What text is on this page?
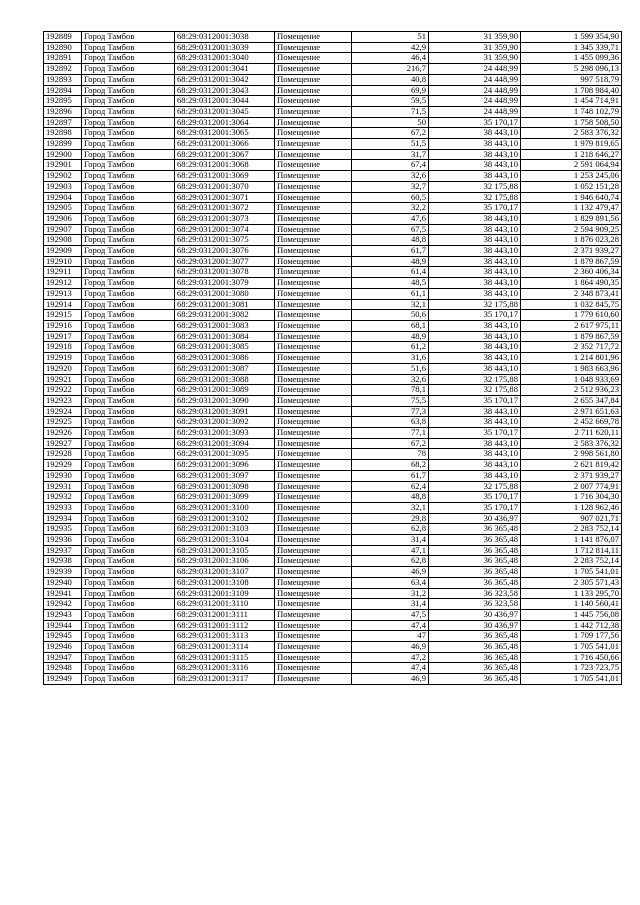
192889	Город Тамбов	68:29:0312001:3038	Помещение	51	31 359,90	1 599 354,90
192890	Город Тамбов	68:29:0312001:3039	Помещение	42,9	31 359,90	1 345 339,71
192891	Город Тамбов	68:29:0312001:3040	Помещение	46,4	31 359,90	1 455 099,36
192892	Город Тамбов	68:29:0312001:3041	Помещение	216,7	24 448,99	5 298 096,13
192893	Город Тамбов	68:29:0312001:3042	Помещение	40,8	24 448,99	997 518,79
192894	Город Тамбов	68:29:0312001:3043	Помещение	69,9	24 448,99	1 708 984,40
192895	Город Тамбов	68:29:0312001:3044	Помещение	59,5	24 448,99	1 454 714,91
192896	Город Тамбов	68:29:0312001:3045	Помещение	71,5	24 448,99	1 748 102,79
192897	Город Тамбов	68:29:0312001:3064	Помещение	50	35 170,17	1 758 508,50
192898	Город Тамбов	68:29:0312001:3065	Помещение	67,2	38 443,10	2 583 376,32
192899	Город Тамбов	68:29:0312001:3066	Помещение	51,5	38 443,10	1 979 819,65
192900	Город Тамбов	68:29:0312001:3067	Помещение	31,7	38 443,10	1 218 646,27
192901	Город Тамбов	68:29:0312001:3068	Помещение	67,4	38 443,10	2 591 064,94
192902	Город Тамбов	68:29:0312001:3069	Помещение	32,6	38 443,10	1 253 245,06
192903	Город Тамбов	68:29:0312001:3070	Помещение	32,7	32 175,88	1 052 151,28
192904	Город Тамбов	68:29:0312001:3071	Помещение	60,5	32 175,88	1 946 640,74
192905	Город Тамбов	68:29:0312001:3072	Помещение	32,2	35 170,17	1 132 479,47
192906	Город Тамбов	68:29:0312001:3073	Помещение	47,6	38 443,10	1 829 891,56
192907	Город Тамбов	68:29:0312001:3074	Помещение	67,5	38 443,10	2 594 909,25
192908	Город Тамбов	68:29:0312001:3075	Помещение	48,8	38 443,10	1 876 023,28
192909	Город Тамбов	68:29:0312001:3076	Помещение	61,7	38 443,10	2 371 939,27
192910	Город Тамбов	68:29:0312001:3077	Помещение	48,9	38 443,10	1 879 867,59
192911	Город Тамбов	68:29:0312001:3078	Помещение	61,4	38 443,10	2 360 406,34
192912	Город Тамбов	68:29:0312001:3079	Помещение	48,5	38 443,10	1 864 490,35
192913	Город Тамбов	68:29:0312001:3080	Помещение	61,1	38 443,10	2 348 873,41
192914	Город Тамбов	68:29:0312001:3081	Помещение	32,1	32 175,88	1 032 845,75
192915	Город Тамбов	68:29:0312001:3082	Помещение	50,6	35 170,17	1 779 610,60
192916	Город Тамбов	68:29:0312001:3083	Помещение	68,1	38 443,10	2 617 975,11
192917	Город Тамбов	68:29:0312001:3084	Помещение	48,9	38 443,10	1 879 867,59
192918	Город Тамбов	68:29:0312001:3085	Помещение	61,2	38 443,10	2 352 717,72
192919	Город Тамбов	68:29:0312001:3086	Помещение	31,6	38 443,10	1 214 801,96
192920	Город Тамбов	68:29:0312001:3087	Помещение	51,6	38 443,10	1 983 663,96
192921	Город Тамбов	68:29:0312001:3088	Помещение	32,6	32 175,88	1 048 933,69
192922	Город Тамбов	68:29:0312001:3089	Помещение	78,1	32 175,88	2 512 936,23
192923	Город Тамбов	68:29:0312001:3090	Помещение	75,5	35 170,17	2 655 347,84
192924	Город Тамбов	68:29:0312001:3091	Помещение	77,3	38 443,10	2 971 651,63
192925	Город Тамбов	68:29:0312001:3092	Помещение	63,8	38 443,10	2 452 669,78
192926	Город Тамбов	68:29:0312001:3093	Помещение	77,1	35 170,17	2 711 620,11
192927	Город Тамбов	68:29:0312001:3094	Помещение	67,2	38 443,10	2 583 376,32
192928	Город Тамбов	68:29:0312001:3095	Помещение	78	38 443,10	2 998 561,80
192929	Город Тамбов	68:29:0312001:3096	Помещение	68,2	38 443,10	2 621 819,42
192930	Город Тамбов	68:29:0312001:3097	Помещение	61,7	38 443,10	2 371 939,27
192931	Город Тамбов	68:29:0312001:3098	Помещение	62,4	32 175,88	2 007 774,91
192932	Город Тамбов	68:29:0312001:3099	Помещение	48,8	35 170,17	1 716 304,30
192933	Город Тамбов	68:29:0312001:3100	Помещение	32,1	35 170,17	1 128 962,46
192934	Город Тамбов	68:29:0312001:3102	Помещение	29,8	30 436,97	907 021,71
192935	Город Тамбов	68:29:0312001:3103	Помещение	62,8	36 365,48	2 283 752,14
192936	Город Тамбов	68:29:0312001:3104	Помещение	31,4	36 365,48	1 141 876,07
192937	Город Тамбов	68:29:0312001:3105	Помещение	47,1	36 365,48	1 712 814,11
192938	Город Тамбов	68:29:0312001:3106	Помещение	62,8	36 365,48	2 283 752,14
192939	Город Тамбов	68:29:0312001:3107	Помещение	46,9	36 365,48	1 705 541,01
192940	Город Тамбов	68:29:0312001:3108	Помещение	63,4	36 365,48	2 305 571,43
192941	Город Тамбов	68:29:0312001:3109	Помещение	31,2	36 323,58	1 133 295,70
192942	Город Тамбов	68:29:0312001:3110	Помещение	31,4	36 323,58	1 140 560,41
192943	Город Тамбов	68:29:0312001:3111	Помещение	47,5	30 436,97	1 445 756,08
192944	Город Тамбов	68:29:0312001:3112	Помещение	47,4	30 436,97	1 442 712,38
192945	Город Тамбов	68:29:0312001:3113	Помещение	47	36 365,48	1 709 177,56
192946	Город Тамбов	68:29:0312001:3114	Помещение	46,9	36 365,48	1 705 541,01
192947	Город Тамбов	68:29:0312001:3115	Помещение	47,2	36 365,48	1 716 450,66
192948	Город Тамбов	68:29:0312001:3116	Помещение	47,4	36 365,48	1 723 723,75
192949	Город Тамбов	68:29:0312001:3117	Помещение	46,9	36 365,48	1 705 541,01
